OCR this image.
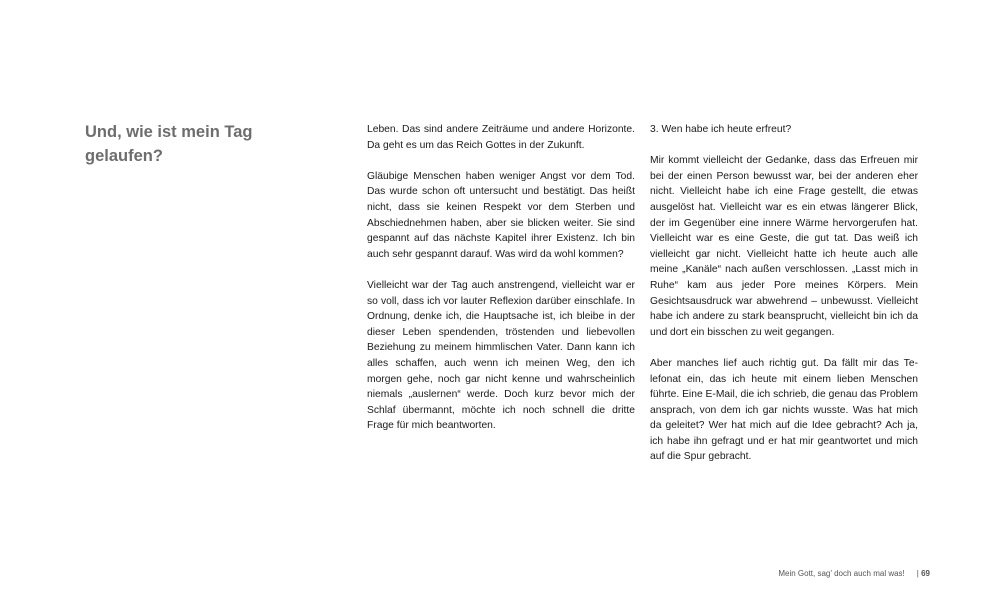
Und, wie ist mein Tag gelaufen?

Leben. Das sind andere Zeiträume und andere Horizonte. Da geht es um das Reich Gottes in der Zukunft.

Gläubige Menschen haben weniger Angst vor dem Tod. Das wurde schon oft untersucht und bestätigt. Das heißt nicht, dass sie keinen Respekt vor dem Sterben und Abschiednehmen haben, aber sie blicken weiter. Sie sind gespannt auf das nächste Kapitel ihrer Existenz. Ich bin auch sehr gespannt darauf. Was wird da wohl kommen?

Vielleicht war der Tag auch anstrengend, vielleicht war er so voll, dass ich vor lauter Reflexion darüber einschlafe. In Ordnung, denke ich, die Hauptsache ist, ich bleibe in der dieser Leben spendenden, tröstenden und liebevollen Beziehung zu meinem himmlischen Vater. Dann kann ich alles schaffen, auch wenn ich meinen Weg, den ich morgen gehe, noch gar nicht kenne und wahrscheinlich niemals „auslernen“ werde. Doch kurz bevor mich der Schlaf übermannt, möchte ich noch schnell die dritte Frage für mich beantworten.

3. Wen habe ich heute erfreut?

Mir kommt vielleicht der Gedanke, dass das Erfreuen mir bei der einen Person bewusst war, bei der anderen eher nicht. Vielleicht habe ich eine Frage gestellt, die etwas ausgelöst hat. Vielleicht war es ein etwas längerer Blick, der im Gegenüber eine innere Wärme hervorgerufen hat. Vielleicht war es eine Geste, die gut tat. Das weiß ich vielleicht gar nicht. Vielleicht hatte ich heute auch alle meine „Kanäle“ nach außen verschlossen. „Lasst mich in Ruhe“ kam aus jeder Pore meines Körpers. Mein Gesichtsausdruck war abwehrend – unbewusst. Vielleicht habe ich andere zu stark beansprucht, vielleicht bin ich da und dort ein bisschen zu weit gegangen.

Aber manches lief auch richtig gut. Da fällt mir das Telefonat ein, das ich heute mit einem lieben Menschen führte. Eine E-Mail, die ich schrieb, die genau das Problem ansprach, von dem ich gar nichts wusste. Was hat mich da geleitet? Wer hat mich auf die Idee gebracht? Ach ja, ich habe ihn gefragt und er hat mir geantwortet und mich auf die Spur gebracht.

Mein Gott, sag’ doch auch mal was! | 69
